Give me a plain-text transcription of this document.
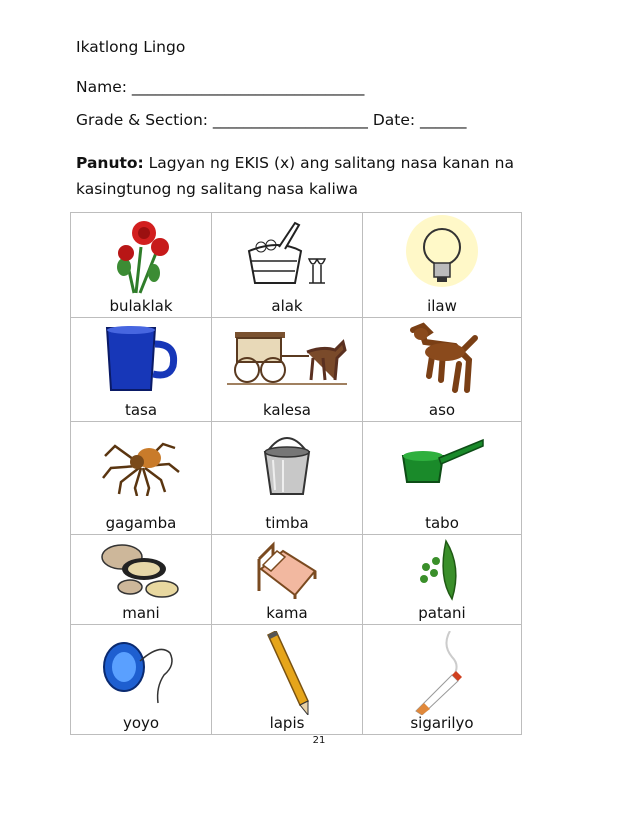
Ikatlong Lingo
Name: ______________________________
Grade & Section: ____________________ Date: ______
Panuto: Lagyan ng EKIS (x) ang salitang nasa kanan na kasingtunog ng salitang nasa kaliwa
bulaklak	alak	ilaw

tasa	kalesa	aso

gagamba	timba	tabo

mani	kama	patani

yoyo	lapis	sigarilyo
21
